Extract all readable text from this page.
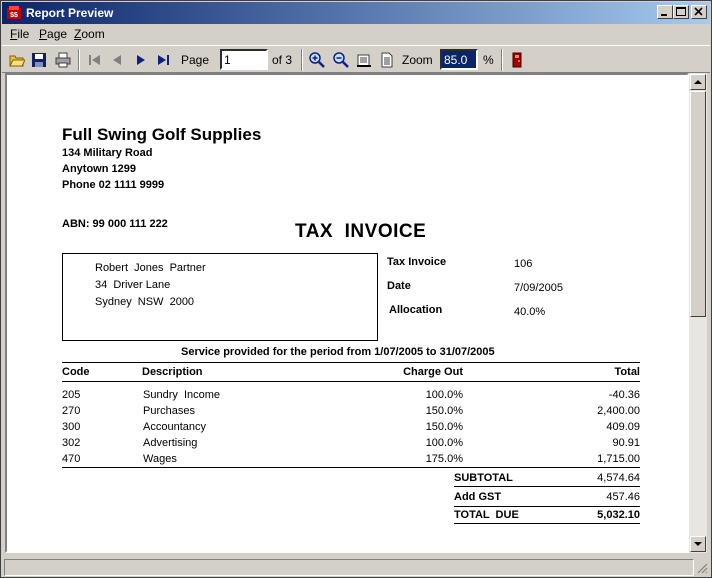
$$ Report Preview
File Page Zoom
Page
1	of 3	Zoom
85.0	%
Full Swing Golf Supplies
134 Military Road
Anytown 1299
Phone 02 1111 9999
ABN: 99 000 111 222	TAX  INVOICE
Robert  Jones  Partner
34  Driver Lane
Sydney  NSW  2000
Tax Invoice	106
Date	7/09/2005
Allocation	40.0%
Service provided for the period from 1/07/2005 to 31/07/2005
Code	Description	Charge Out	Total
205	Sundry  Income	100.0%	-40.36
270	Purchases	150.0%	2,400.00
300	Accountancy	150.0%	409.09
302	Advertising	100.0%	90.91
470	Wages	175.0%	1,715.00
SUBTOTAL	4,574.64
Add GST	457.46
TOTAL  DUE	5,032.10
